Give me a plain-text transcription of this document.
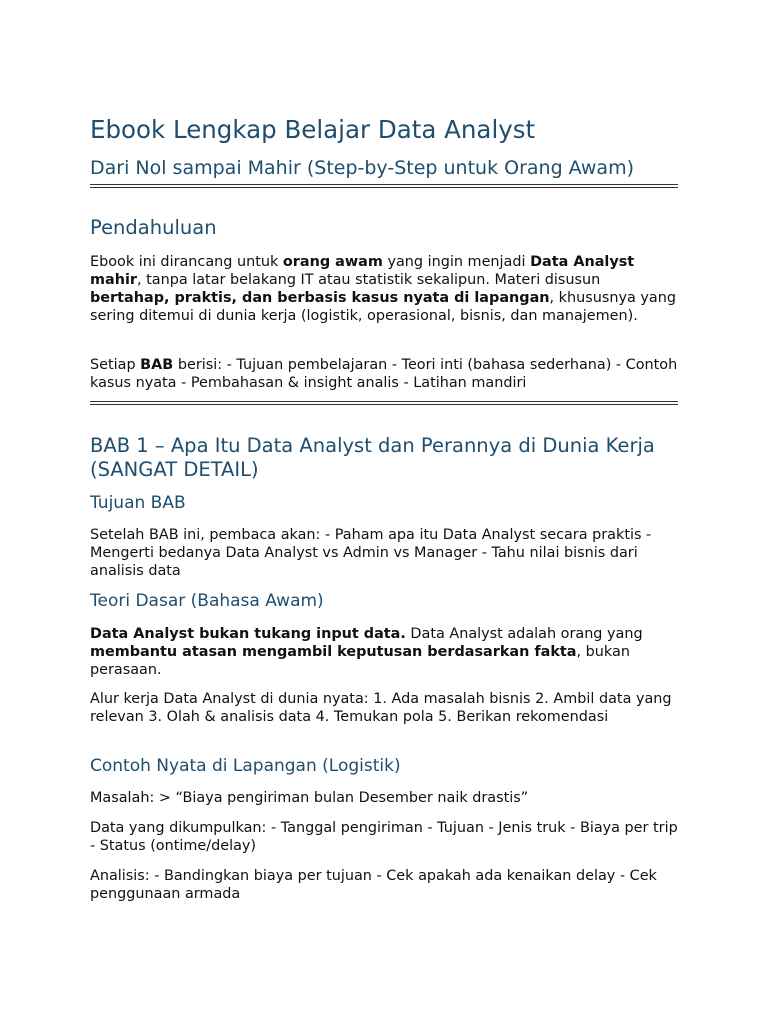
Ebook Lengkap Belajar Data Analyst
Dari Nol sampai Mahir (Step-by-Step untuk Orang Awam)
Pendahuluan

Ebook ini dirancang untuk orang awam yang ingin menjadi Data Analyst mahir, tanpa latar belakang IT atau statistik sekalipun. Materi disusun bertahap, praktis, dan berbasis kasus nyata di lapangan, khususnya yang sering ditemui di dunia kerja (logistik, operasional, bisnis, dan manajemen).

Setiap BAB berisi: - Tujuan pembelajaran - Teori inti (bahasa sederhana) - Contoh kasus nyata - Pembahasan & insight analis - Latihan mandiri

BAB 1 – Apa Itu Data Analyst dan Perannya di Dunia Kerja (SANGAT DETAIL)
Tujuan BAB

Setelah BAB ini, pembaca akan: - Paham apa itu Data Analyst secara praktis - Mengerti bedanya Data Analyst vs Admin vs Manager - Tahu nilai bisnis dari analisis data

Teori Dasar (Bahasa Awam)

Data Analyst bukan tukang input data. Data Analyst adalah orang yang membantu atasan mengambil keputusan berdasarkan fakta, bukan perasaan.

Alur kerja Data Analyst di dunia nyata: 1. Ada masalah bisnis 2. Ambil data yang relevan 3. Olah & analisis data 4. Temukan pola 5. Berikan rekomendasi

Contoh Nyata di Lapangan (Logistik)

Masalah: > “Biaya pengiriman bulan Desember naik drastis”

Data yang dikumpulkan: - Tanggal pengiriman - Tujuan - Jenis truk - Biaya per trip - Status (ontime/delay)

Analisis: - Bandingkan biaya per tujuan - Cek apakah ada kenaikan delay - Cek penggunaan armada
